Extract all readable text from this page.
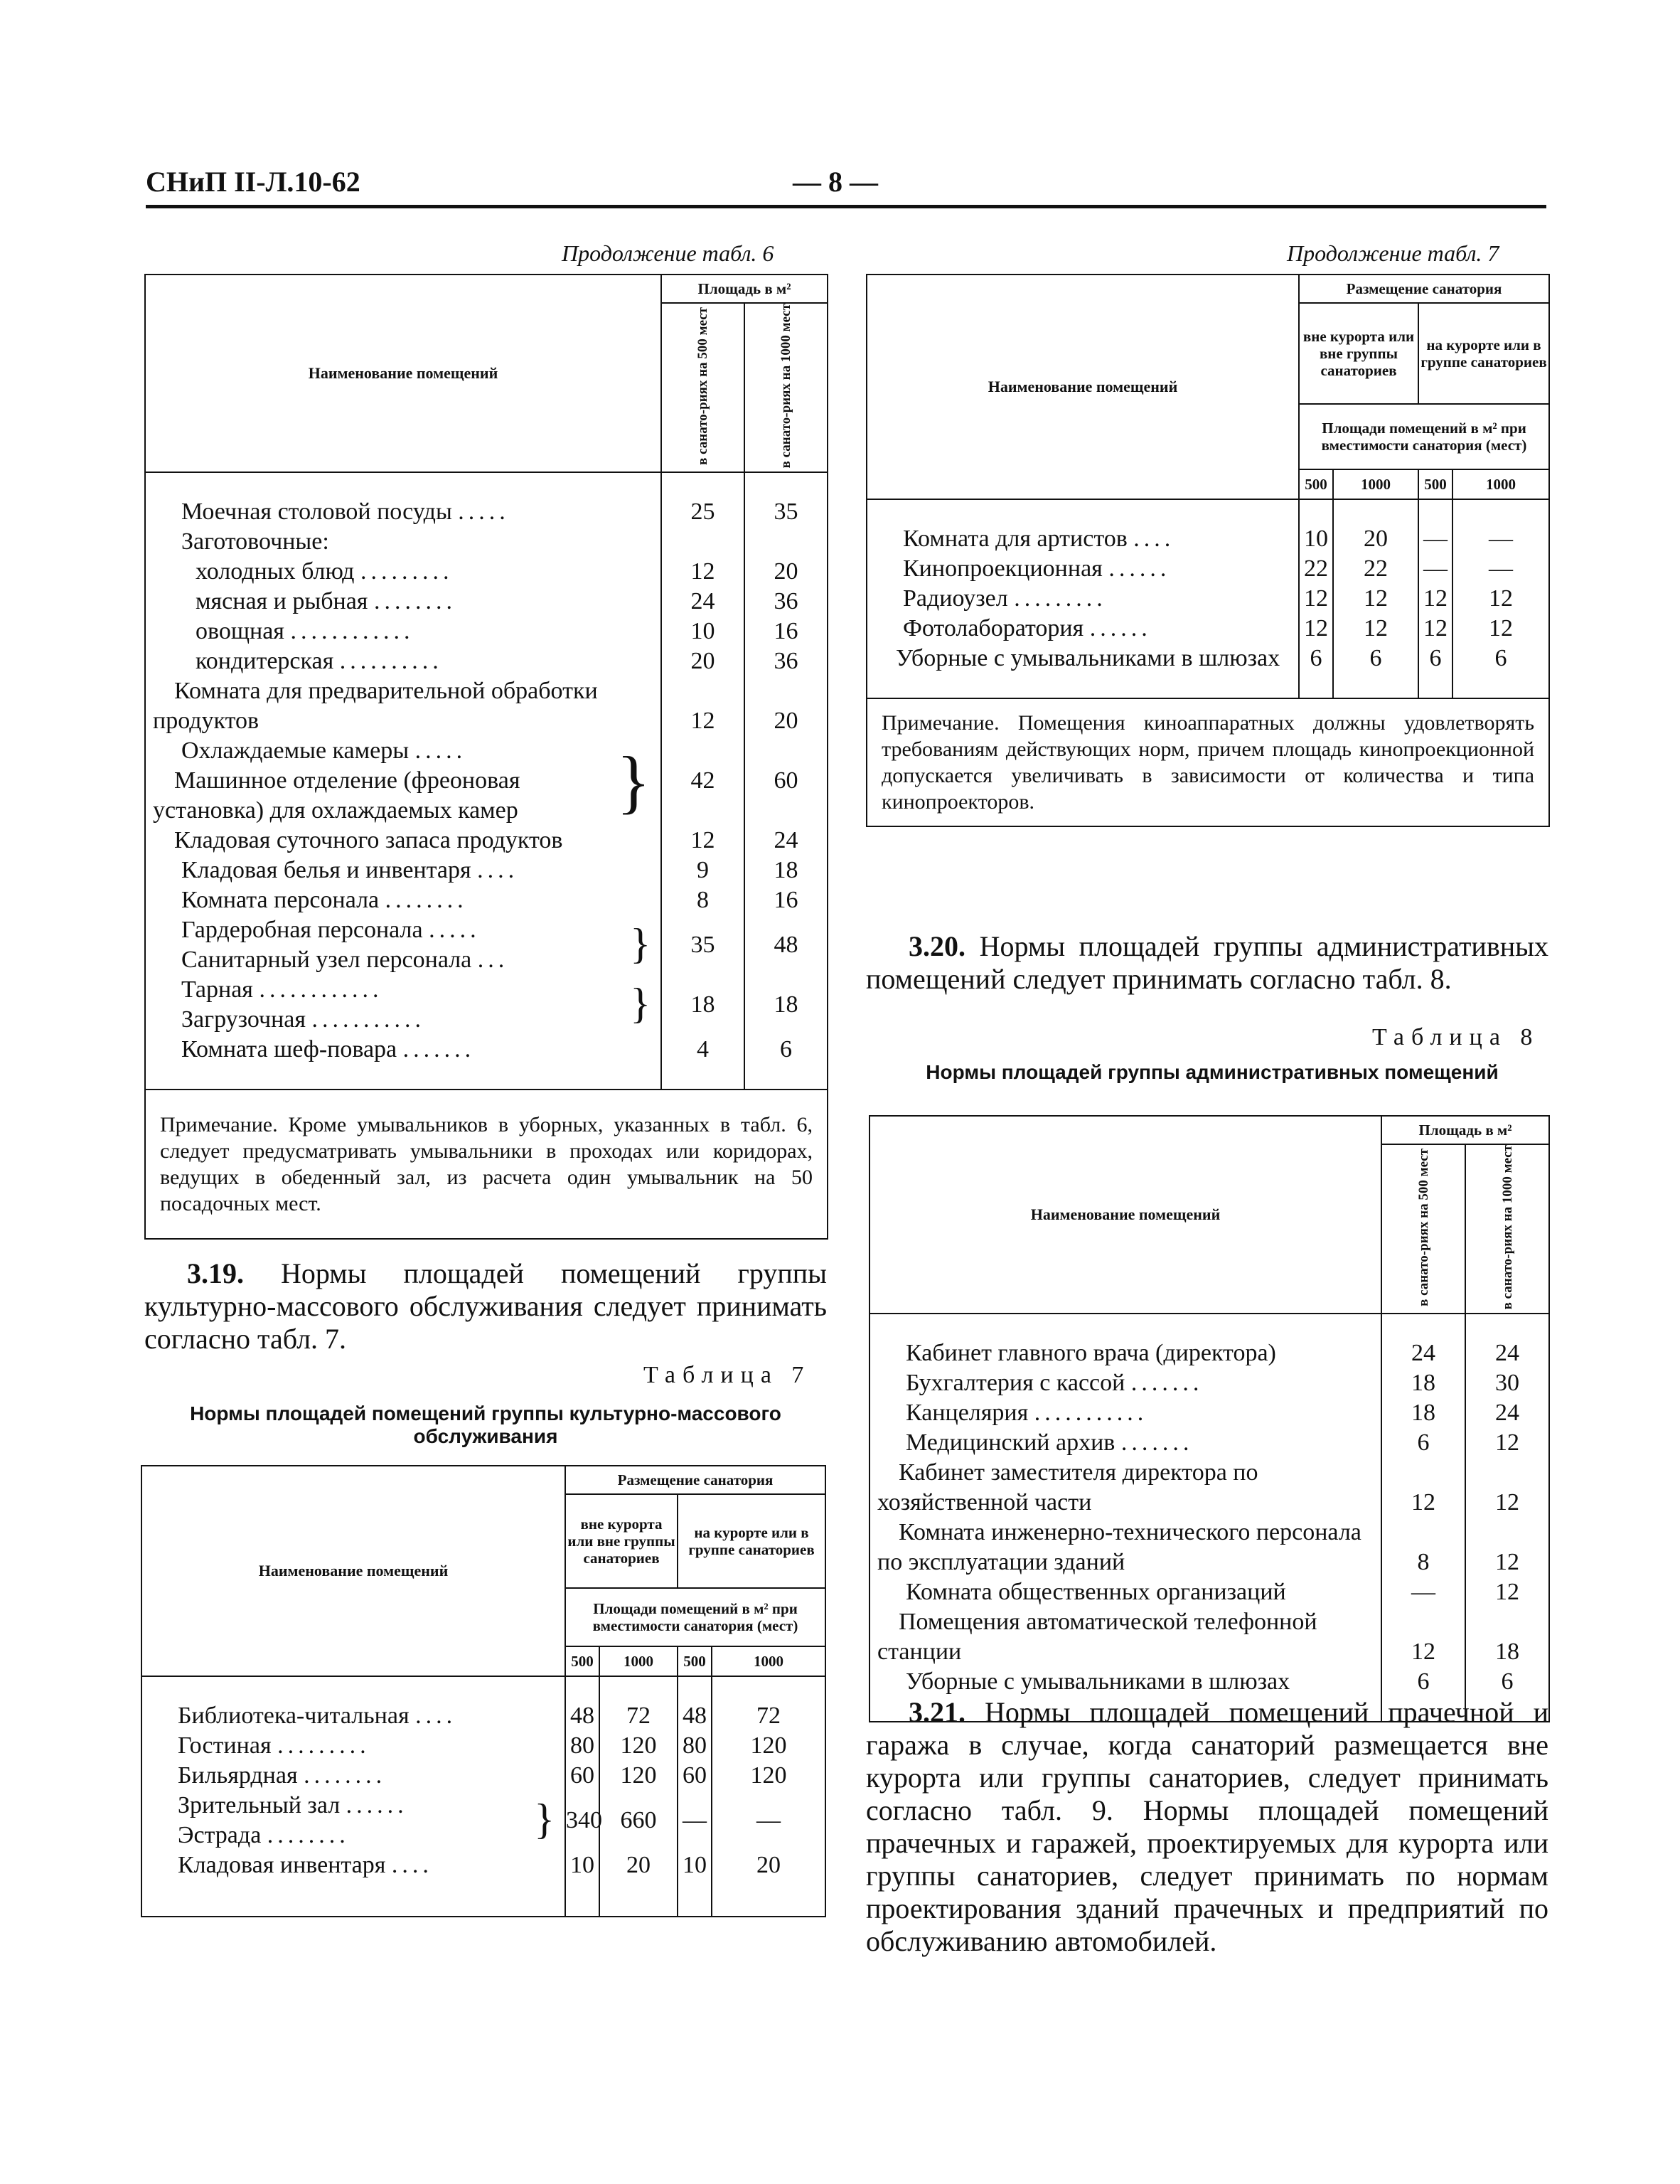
СНиП II-Л.10-62	— 8 —
Продолжение табл. 6
Наименование помещений	Площадь в м²	
	в санато-риях на 500 мест	в санато-риях на 1000 мест

Моечная столовой посуды .....	25	35

Заготовочные:		

холодных блюд .........	12	20

мясная и рыбная ........	24	36

овощная ............	10	16

кондитерская ..........	20	36

Комната для предварительной обработки продуктов	12	20

Охлаждаемые камеры .....
Машинное отделение (фреоновая установка) для охлаждаемых камер }	42	60

Кладовая суточного запаса продуктов	12	24

Кладовая белья и инвентаря ....	9	18

Комната персонала ........	8	16

Гардеробная персонала .....
Санитарный узел персонала ... }	35	48

Тарная ............
Загрузочная ........... }	18	18

Комната шеф-повара .......	4	6

Примечание. Кроме умывальников в уборных, указанных в табл. 6, следует предусматривать умывальники в проходах или коридорах, ведущих в обеденный зал, из расчета один умывальник на 50 посадочных мест.		
3.19. Нормы площадей помещений группы культурно-массового обслуживания следует принимать согласно табл. 7.
Таблица 7
Нормы площадей помещений группы культурно-массового обслуживания
Наименование помещений	Размещение санатория			
	вне курорта или вне группы санаториев		на курорте или в группе санаториев	
	Площади помещений в м² при вместимости санатория (мест)			
	500	1000	500	1000

Библиотека-читальная ....	48	72	48	72

Гостиная .........	80	120	80	120

Бильярдная ........	60	120	60	120

Зрительный зал ......
Эстрада ........ }	340	660	—	—

Кладовая инвентаря ....	10	20	10	20

Продолжение табл. 7
Наименование помещений	Размещение санатория			
	вне курорта или вне группы санаториев		на курорте или в группе санаториев	
	Площади помещений в м² при вместимости санатория (мест)			
	500	1000	500	1000

Комната для артистов ....	10	20	—	—

Кинопроекционная ......	22	22	—	—

Радиоузел .........	12	12	12	12

Фотолаборатория ......	12	12	12	12

Уборные с умывальниками в шлюзах	6	6	6	6

Примечание. Помещения киноаппаратных должны удовлетворять требованиям действующих норм, причем площадь кинопроекционной допускается увеличивать в зависимости от количества и типа кинопроекторов.				
3.20. Нормы площадей группы административных помещений следует принимать согласно табл. 8.
Таблица 8
Нормы площадей группы административных помещений
Наименование помещений	Площадь в м²	
	в санато-риях на 500 мест	в санато-риях на 1000 мест

Кабинет главного врача (директора)	24	24

Бухгалтерия с кассой .......	18	30

Канцелярия ...........	18	24

Медицинский архив .......	6	12

Кабинет заместителя директора по хозяйственной части	12	12

Комната инженерно-технического персонала по эксплуатации зданий	8	12

Комната общественных организаций	—	12

Помещения автоматической телефонной станции	12	18

Уборные с умывальниками в шлюзах	6	6

3.21. Нормы площадей помещений прачечной и гаража в случае, когда санаторий размещается вне курорта или группы санаториев, следует принимать согласно табл. 9. Нормы площадей помещений прачечных и гаражей, проектируемых для курорта или группы санаториев, следует принимать по нормам проектирования зданий прачечных и предприятий по обслуживанию автомобилей.
